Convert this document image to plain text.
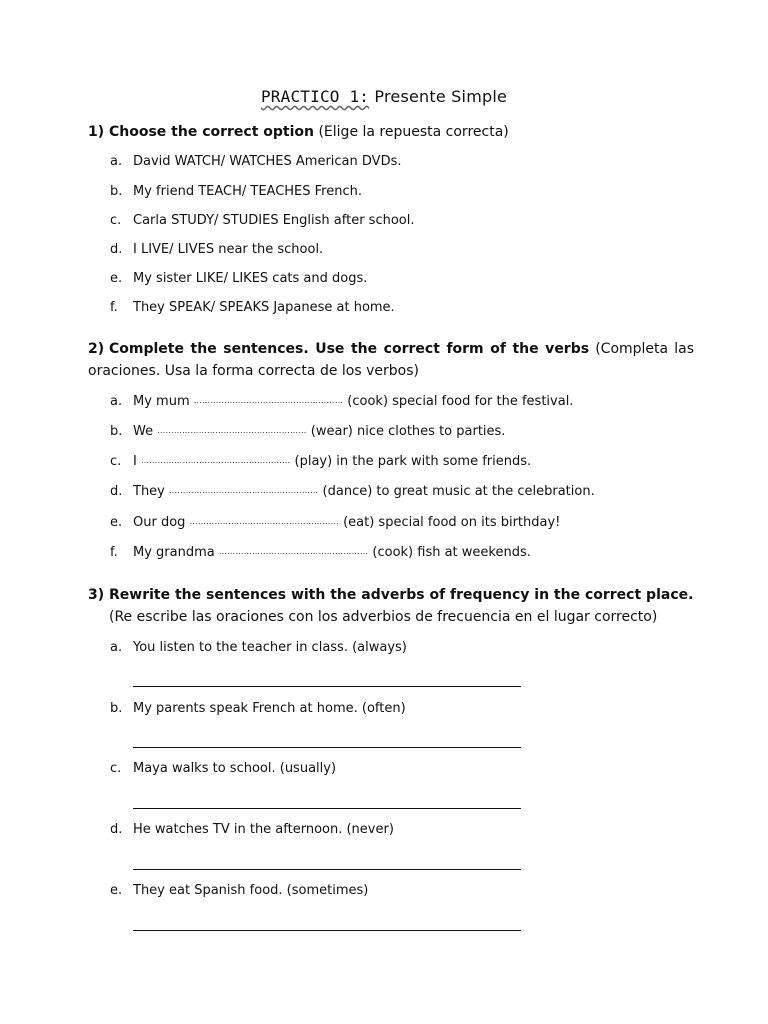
PRACTICO 1: Presente Simple
1) Choose the correct option (Elige la repuesta correcta)
a. David WATCH/ WATCHES American DVDs.
b. My friend TEACH/ TEACHES French.
c. Carla STUDY/ STUDIES English after school.
d. I LIVE/ LIVES near the school.
e. My sister LIKE/ LIKES cats and dogs.
f. They SPEAK/ SPEAKS Japanese at home.
2) Complete the sentences. Use the correct form of the verbs (Completa las oraciones. Usa la forma correcta de los verbos)
a. My mum ……………………………………………… (cook) special food for the festival.
b. We ……………………………………………… (wear) nice clothes to parties.
c. I ……………………………………………… (play) in the park with some friends.
d. They ……………………………………………… (dance) to great music at the celebration.
e. Our dog ……………………………………………… (eat) special food on its birthday!
f. My grandma ……………………………………………… (cook) fish at weekends.
3) Rewrite the sentences with the adverbs of frequency in the correct place.
(Re escribe las oraciones con los adverbios de frecuencia en el lugar correcto)
a. You listen to the teacher in class. (always)
b. My parents speak French at home. (often)
c. Maya walks to school. (usually)
d. He watches TV in the afternoon. (never)
e. They eat Spanish food. (sometimes)
